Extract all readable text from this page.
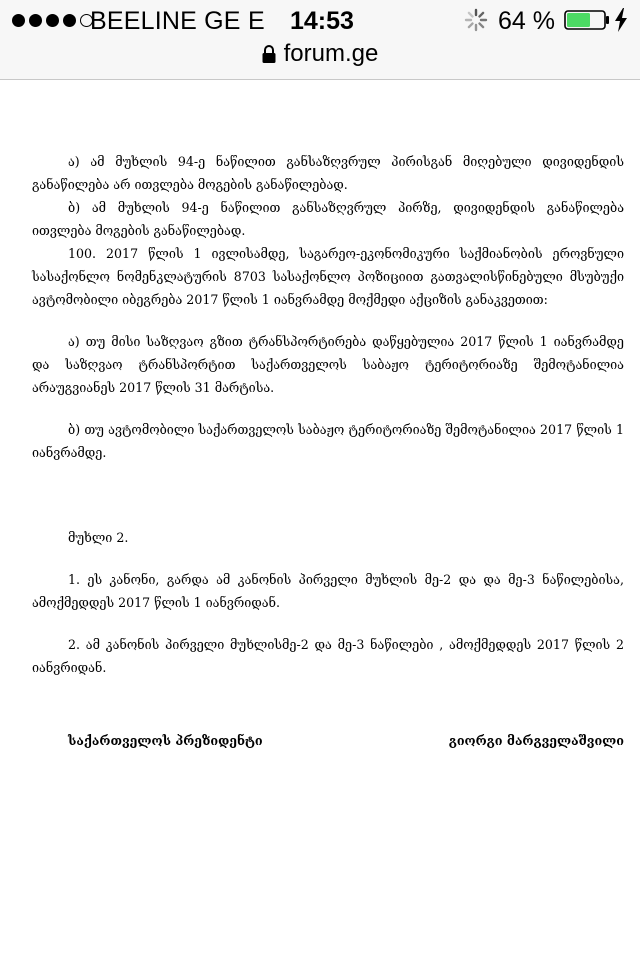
BEELINE GE E 14:53	64 %
forum.ge

ა) ამ მუხლის 94-ე ნაწილით განსაზღვრულ პირისგან მიღებული დივიდენდის განაწილება არ ითვლება მოგების განაწილებად.

ბ) ამ მუხლის 94-ე ნაწილით განსაზღვრულ პირზე, დივიდენდის განაწილება ითვლება მოგების განაწილებად.

100. 2017 წლის 1 ივლისამდე, საგარეო-ეკონომიკური საქმიანობის ეროვნული სასაქონლო ნომენკლატურის 8703 სასაქონლო პოზიციით გათვალისწინებული მსუბუქი ავტომობილი იბეგრება 2017 წლის 1 იანვრამდე მოქმედი აქციზის განაკვეთით:

ა) თუ მისი საზღვაო გზით ტრანსპორტირება დაწყებულია 2017 წლის 1 იანვრამდე და საზღვაო ტრანსპორტით საქართველოს საბაჟო ტერიტორიაზე შემოტანილია არაუგვიანეს 2017 წლის 31 მარტისა.

ბ) თუ ავტომობილი საქართველოს საბაჟო ტერიტორიაზე შემოტანილია 2017 წლის 1 იანვრამდე.

მუხლი 2.

1. ეს კანონი, გარდა ამ კანონის პირველი მუხლის მე-2 და და მე-3 ნაწილებისა, ამოქმედდეს 2017 წლის 1 იანვრიდან.

2. ამ კანონის პირველი მუხლისმე-2 და მე-3 ნაწილები , ამოქმედდეს 2017 წლის 2 იანვრიდან.

საქართველოს პრეზიდენტი	გიორგი მარგველაშვილი
